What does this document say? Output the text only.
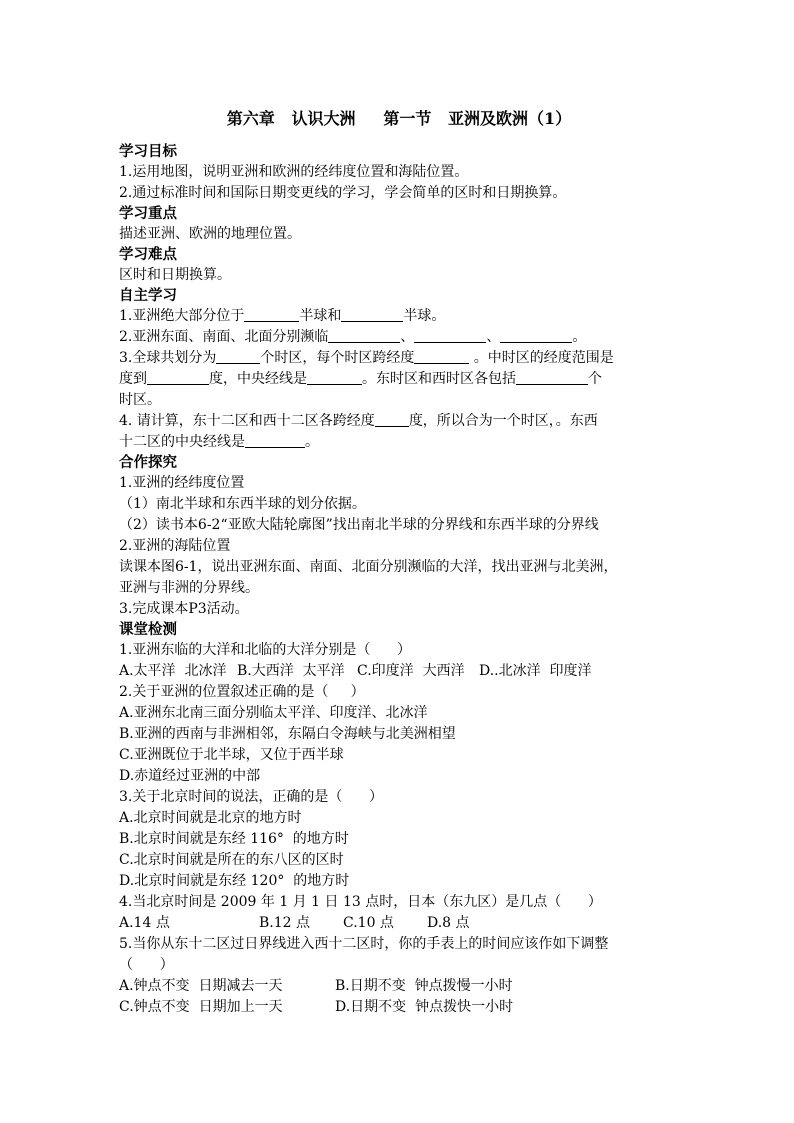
第六章   认识大洲     第一节   亚洲及欧洲（1）
学习目标
1.运用地图，说明亚洲和欧洲的经纬度位置和海陆位置。
2.通过标准时间和国际日期变更线的学习，学会简单的区时和日期换算。
学习重点
描述亚洲、欧洲的地理位置。
学习难点
区时和日期换算。
自主学习
1.亚洲绝大部分位于	半球和	半球。
2.亚洲东面、南面、北面分别濒临	、	、	。
3.全球共划分为	个时区，每个时区跨经度	。中时区的经度范围是
度到	度，中央经线是	。东时区和西时区各包括	个
时区。
4. 请计算，东十二区和西十二区各跨经度 度，所以合为一个时区，。东西
十二区的中央经线是	。
合作探究
1.亚洲的经纬度位置
（1）南北半球和东西半球的划分依据。
（2）读书本6-2“亚欧大陆轮廓图”找出南北半球的分界线和东西半球的分界线
2.亚洲的海陆位置
读课本图6-1，说出亚洲东面、南面、北面分别濒临的大洋，找出亚洲与北美洲，
亚洲与非洲的分界线。
3.完成课本P3活动。
课堂检测
1.亚洲东临的大洋和北临的大洋分别是（      ）
A.太平洋  北冰洋 B.大西洋  太平洋 C.印度洋  大西洋 D..北冰洋  印度洋
2.关于亚洲的位置叙述正确的是（     ）
A.亚洲东北南三面分别临太平洋、印度洋、北冰洋
B.亚洲的西南与非洲相邻，东隔白令海峡与北美洲相望
C.亚洲既位于北半球，又位于西半球
D.赤道经过亚洲的中部
3.关于北京时间的说法，正确的是（      ）
A.北京时间就是北京的地方时
B.北京时间就是东经 116°  的地方时
C.北京时间就是所在的东八区的区时
D.北京时间就是东经 120°  的地方时
4.当北京时间是 2009 年 1 月 1 日 13 点时，日本（东九区）是几点（      ）
A.14 点	B.12 点 C.10 点 D.8 点
5.当你从东十二区过日界线进入西十二区时，你的手表上的时间应该作如下调整
（      ）
A.钟点不变  日期减去一天	B.日期不变  钟点拨慢一小时
C.钟点不变  日期加上一天	D.日期不变  钟点拨快一小时
